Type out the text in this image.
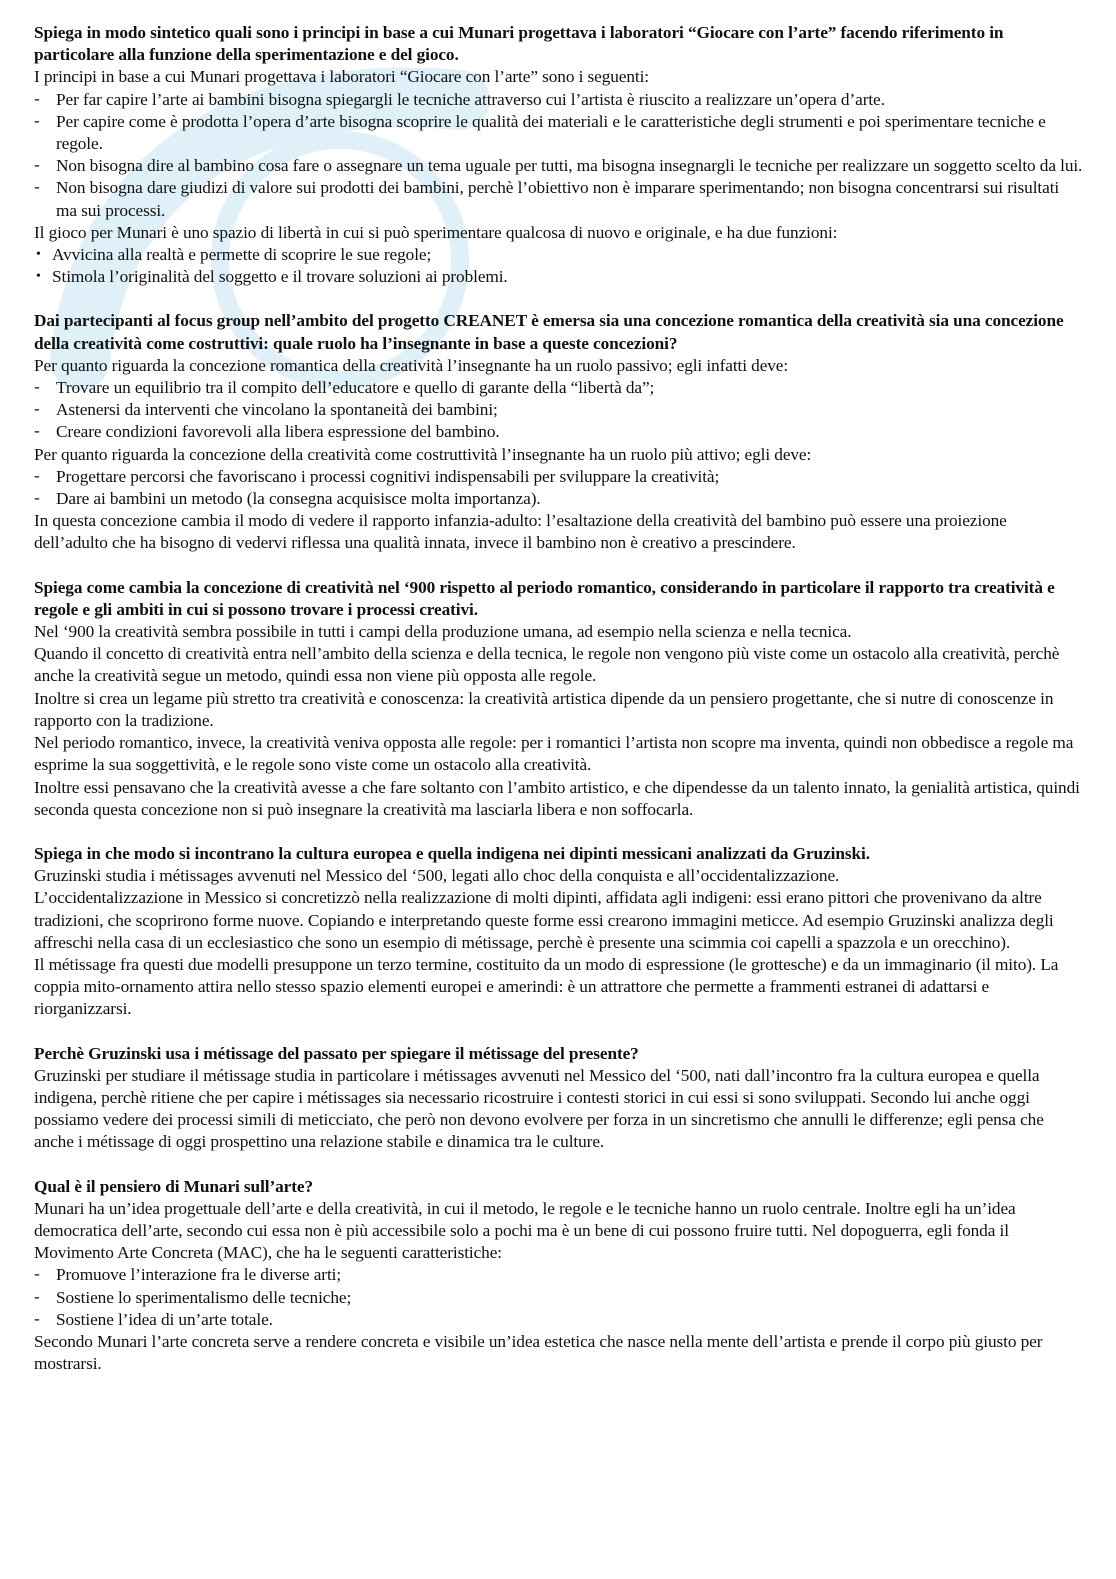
Spiega in modo sintetico quali sono i principi in base a cui Munari progettava i laboratori “Giocare con l’arte” facendo riferimento in particolare alla funzione della sperimentazione e del gioco.

I principi in base a cui Munari progettava i laboratori “Giocare con l’arte” sono i seguenti:

- Per far capire l’arte ai bambini bisogna spiegargli le tecniche attraverso cui l’artista è riuscito a realizzare un’opera d’arte.
- Per capire come è prodotta l’opera d’arte bisogna scoprire le qualità dei materiali e le caratteristiche degli strumenti e poi sperimentare tecniche e regole.
- Non bisogna dire al bambino cosa fare o assegnare un tema uguale per tutti, ma bisogna insegnargli le tecniche per realizzare un soggetto scelto da lui.
- Non bisogna dare giudizi di valore sui prodotti dei bambini, perchè l’obiettivo non è imparare sperimentando; non bisogna concentrarsi sui risultati ma sui processi.

Il gioco per Munari è uno spazio di libertà in cui si può sperimentare qualcosa di nuovo e originale, e ha due funzioni:

• Avvicina alla realtà e permette di scoprire le sue regole;
• Stimola l’originalità del soggetto e il trovare soluzioni ai problemi.

Dai partecipanti al focus group nell’ambito del progetto CREANET è emersa sia una concezione romantica della creatività sia una concezione della creatività come costruttivi: quale ruolo ha l’insegnante in base a queste concezioni?

Per quanto riguarda la concezione romantica della creatività l’insegnante ha un ruolo passivo; egli infatti deve:

- Trovare un equilibrio tra il compito dell’educatore e quello di garante della “libertà da”;
- Astenersi da interventi che vincolano la spontaneità dei bambini;
- Creare condizioni favorevoli alla libera espressione del bambino.

Per quanto riguarda la concezione della creatività come costruttività l’insegnante ha un ruolo più attivo; egli deve:

- Progettare percorsi che favoriscano i processi cognitivi indispensabili per sviluppare la creatività;
- Dare ai bambini un metodo (la consegna acquisisce molta importanza).

In questa concezione cambia il modo di vedere il rapporto infanzia-adulto: l’esaltazione della creatività del bambino può essere una proiezione dell’adulto che ha bisogno di vedervi riflessa una qualità innata, invece il bambino non è creativo a prescindere.

Spiega come cambia la concezione di creatività nel ‘900 rispetto al periodo romantico, considerando in particolare il rapporto tra creatività e regole e gli ambiti in cui si possono trovare i processi creativi.

Nel ‘900 la creatività sembra possibile in tutti i campi della produzione umana, ad esempio nella scienza e nella tecnica.

Quando il concetto di creatività entra nell’ambito della scienza e della tecnica, le regole non vengono più viste come un ostacolo alla creatività, perchè anche la creatività segue un metodo, quindi essa non viene più opposta alle regole.

Inoltre si crea un legame più stretto tra creatività e conoscenza: la creatività artistica dipende da un pensiero progettante, che si nutre di conoscenze in rapporto con la tradizione.

Nel periodo romantico, invece, la creatività veniva opposta alle regole: per i romantici l’artista non scopre ma inventa, quindi non obbedisce a regole ma esprime la sua soggettività, e le regole sono viste come un ostacolo alla creatività.

Inoltre essi pensavano che la creatività avesse a che fare soltanto con l’ambito artistico, e che dipendesse da un talento innato, la genialità artistica, quindi seconda questa concezione non si può insegnare la creatività ma lasciarla libera e non soffocarla.

Spiega in che modo si incontrano la cultura europea e quella indigena nei dipinti messicani analizzati da Gruzinski.

Gruzinski studia i métissages avvenuti nel Messico del ‘500, legati allo choc della conquista e all’occidentalizzazione.

L’occidentalizzazione in Messico si concretizzò nella realizzazione di molti dipinti, affidata agli indigeni: essi erano pittori che provenivano da altre tradizioni, che scoprirono forme nuove. Copiando e interpretando queste forme essi crearono immagini meticce. Ad esempio Gruzinski analizza degli affreschi nella casa di un ecclesiastico che sono un esempio di métissage, perchè è presente una scimmia coi capelli a spazzola e un orecchino).

Il métissage fra questi due modelli presuppone un terzo termine, costituito da un modo di espressione (le grottesche) e da un immaginario (il mito). La coppia mito-ornamento attira nello stesso spazio elementi europei e amerindi: è un attrattore che permette a frammenti estranei di adattarsi e riorganizzarsi.

Perchè Gruzinski usa i métissage del passato per spiegare il métissage del presente?

Gruzinski per studiare il métissage studia in particolare i métissages avvenuti nel Messico del ‘500, nati dall’incontro fra la cultura europea e quella indigena, perchè ritiene che per capire i métissages sia necessario ricostruire i contesti storici in cui essi si sono sviluppati. Secondo lui anche oggi possiamo vedere dei processi simili di meticciato, che però non devono evolvere per forza in un sincretismo che annulli le differenze; egli pensa che anche i métissage di oggi prospettino una relazione stabile e dinamica tra le culture.

Qual è il pensiero di Munari sull’arte?

Munari ha un’idea progettuale dell’arte e della creatività, in cui il metodo, le regole e le tecniche hanno un ruolo centrale. Inoltre egli ha un’idea democratica dell’arte, secondo cui essa non è più accessibile solo a pochi ma è un bene di cui possono fruire tutti. Nel dopoguerra, egli fonda il Movimento Arte Concreta (MAC), che ha le seguenti caratteristiche:

- Promuove l’interazione fra le diverse arti;
- Sostiene lo sperimentalismo delle tecniche;
- Sostiene l’idea di un’arte totale.

Secondo Munari l’arte concreta serve a rendere concreta e visibile un’idea estetica che nasce nella mente dell’artista e prende il corpo più giusto per mostrarsi.
